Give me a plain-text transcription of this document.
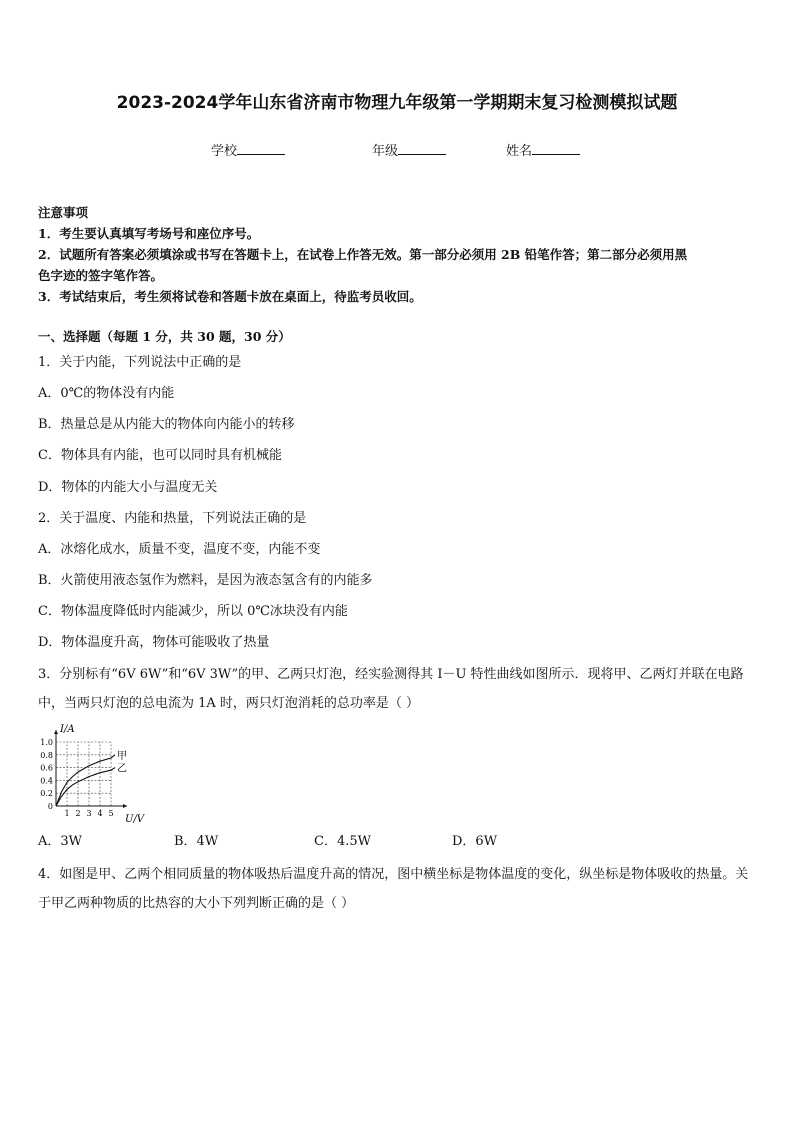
2023-2024学年山东省济南市物理九年级第一学期期末复习检测模拟试题
学校	年级	姓名
注意事项
1．考生要认真填写考场号和座位序号。
2．试题所有答案必须填涂或书写在答题卡上，在试卷上作答无效。第一部分必须用 2B 铅笔作答；第二部分必须用黑
色字迹的签字笔作答。
3．考试结束后，考生须将试卷和答题卡放在桌面上，待监考员收回。
一、选择题（每题 1 分，共 30 题，30 分）
1．关于内能，下列说法中正确的是
A．0℃的物体没有内能
B．热量总是从内能大的物体向内能小的转移
C．物体具有内能，也可以同时具有机械能
D．物体的内能大小与温度无关
2．关于温度、内能和热量，下列说法正确的是
A．冰熔化成水，质量不变，温度不变，内能不变
B．火箭使用液态氢作为燃料，是因为液态氢含有的内能多
C．物体温度降低时内能减少，所以 0℃冰块没有内能
D．物体温度升高，物体可能吸收了热量
3．分别标有“6V 6W”和“6V 3W”的甲、乙两只灯泡，经实验测得其 I－U 特性曲线如图所示．现将甲、乙两灯并联在电路中，当两只灯泡的总电流为 1A 时，两只灯泡消耗的总功率是（ ）
1 2 3 4 5
0
0.2
0.4
0.6
0.8
1.0
I/A
U/V
甲
乙
A．3W	B．4W	C．4.5W	D．6W
4．如图是甲、乙两个相同质量的物体吸热后温度升高的情况，图中横坐标是物体温度的变化，纵坐标是物体吸收的热量。关于甲乙两种物质的比热容的大小下列判断正确的是（ ）
